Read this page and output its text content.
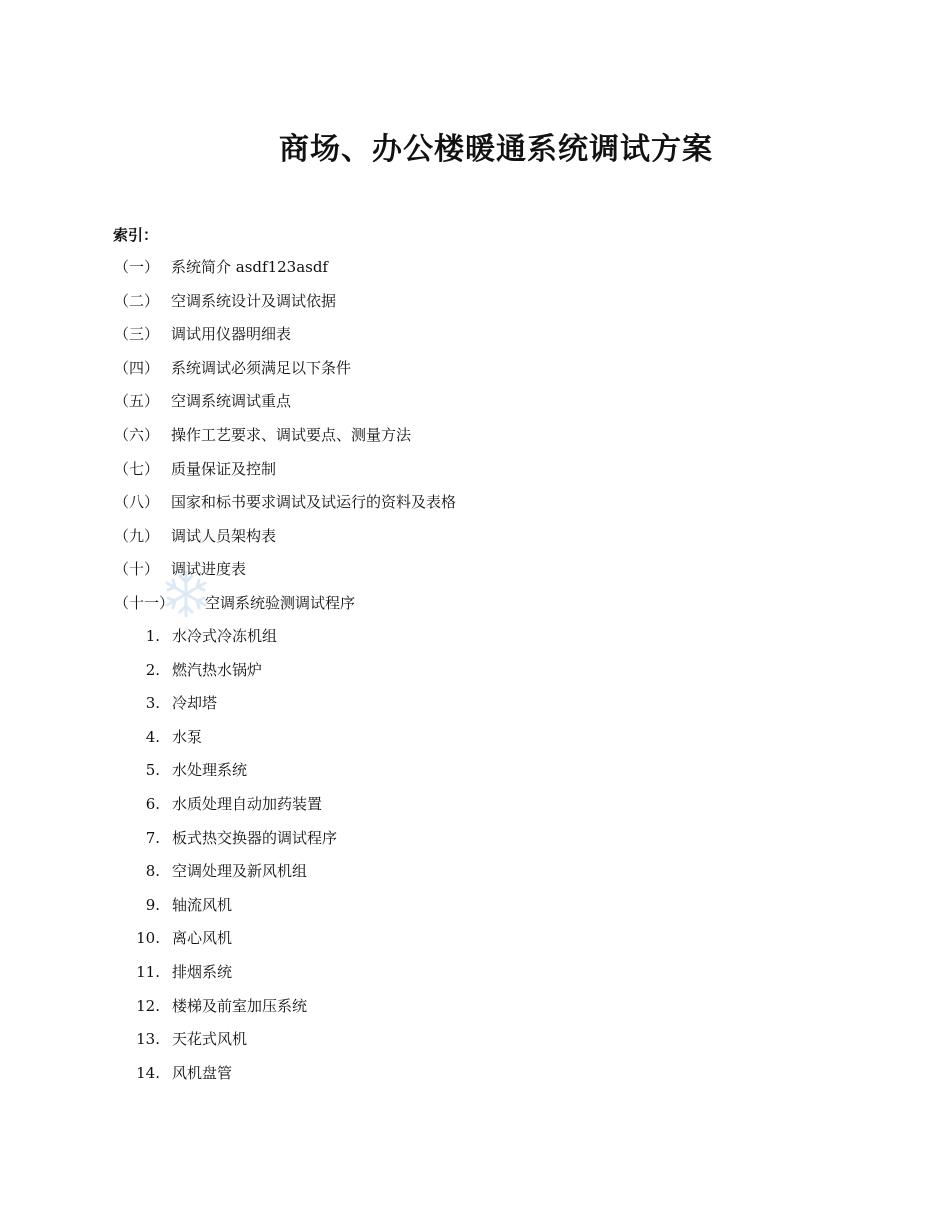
商场、办公楼暖通系统调试方案
索引：
（一） 系统简介 asdf123asdf
（二） 空调系统设计及调试依据
（三） 调试用仪器明细表
（四） 系统调试必须满足以下条件
（五） 空调系统调试重点
（六） 操作工艺要求、调试要点、测量方法
（七） 质量保证及控制
（八） 国家和标书要求调试及试运行的资料及表格
（九） 调试人员架构表
（十） 调试进度表
（十一） 空调系统验测调试程序
1. 水冷式冷冻机组
2. 燃汽热水锅炉
3. 冷却塔
4. 水泵
5. 水处理系统
6. 水质处理自动加药装置
7. 板式热交换器的调试程序
8. 空调处理及新风机组
9. 轴流风机
10. 离心风机
11. 排烟系统
12. 楼梯及前室加压系统
13. 天花式风机
14. 风机盘管
